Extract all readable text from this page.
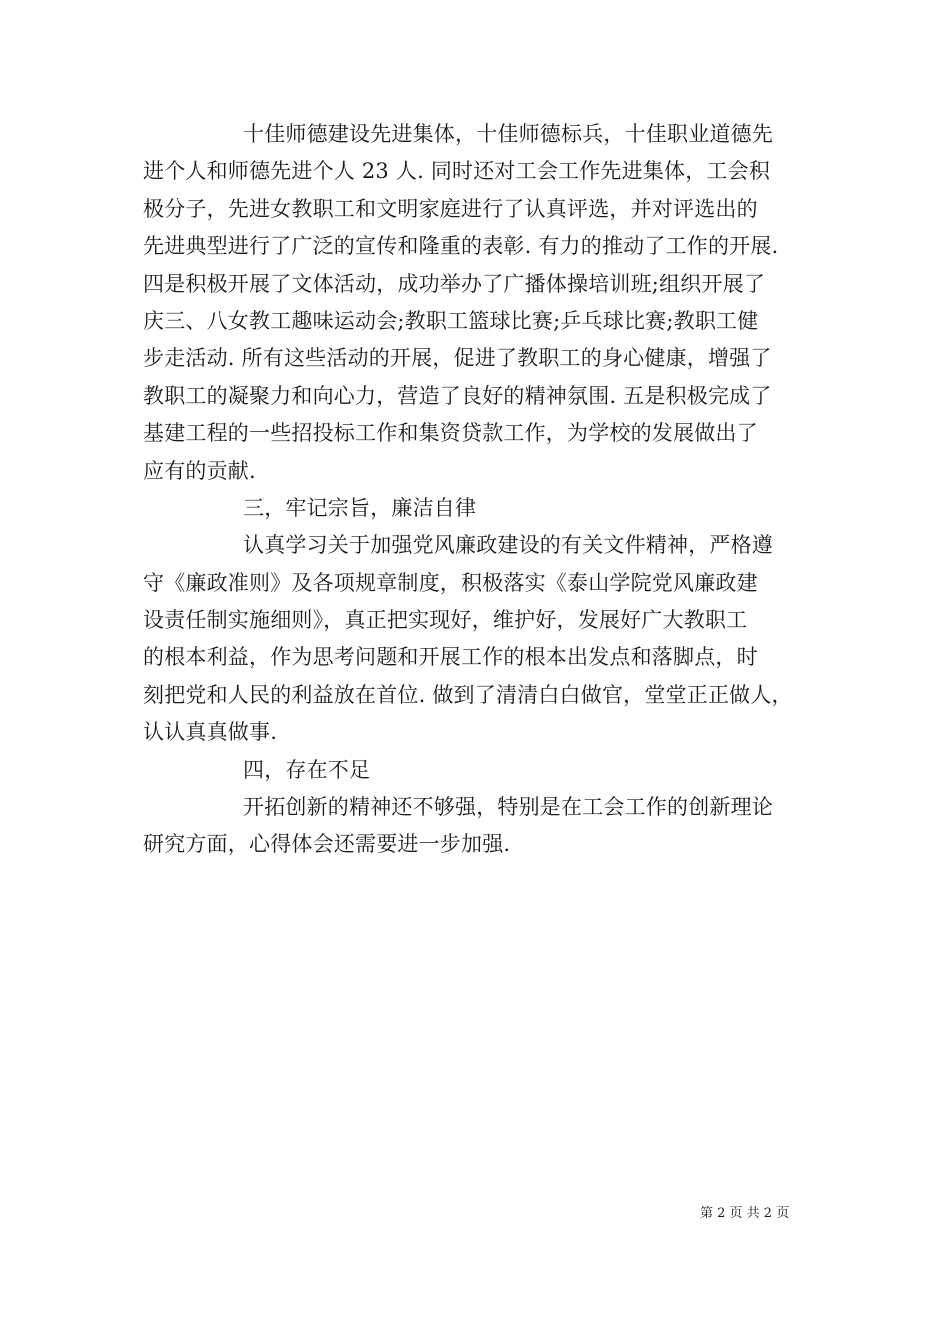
十佳师德建设先进集体，十佳师德标兵，十佳职业道德先
进个人和师德先进个人 23 人. 同时还对工会工作先进集体，工会积
极分子，先进女教职工和文明家庭进行了认真评选，并对评选出的
先进典型进行了广泛的宣传和隆重的表彰. 有力的推动了工作的开展.
四是积极开展了文体活动，成功举办了广播体操培训班;组织开展了
庆三、八女教工趣味运动会;教职工篮球比赛;乒乓球比赛;教职工健
步走活动. 所有这些活动的开展，促进了教职工的身心健康，增强了
教职工的凝聚力和向心力，营造了良好的精神氛围. 五是积极完成了
基建工程的一些招投标工作和集资贷款工作，为学校的发展做出了
应有的贡献.
三，牢记宗旨，廉洁自律
认真学习关于加强党风廉政建设的有关文件精神，严格遵
守《廉政准则》及各项规章制度，积极落实《泰山学院党风廉政建
设责任制实施细则》，真正把实现好，维护好，发展好广大教职工
的根本利益，作为思考问题和开展工作的根本出发点和落脚点，时
刻把党和人民的利益放在首位. 做到了清清白白做官，堂堂正正做人，
认认真真做事.
四，存在不足
开拓创新的精神还不够强，特别是在工会工作的创新理论
研究方面，心得体会还需要进一步加强.
第 2 页 共 2 页
